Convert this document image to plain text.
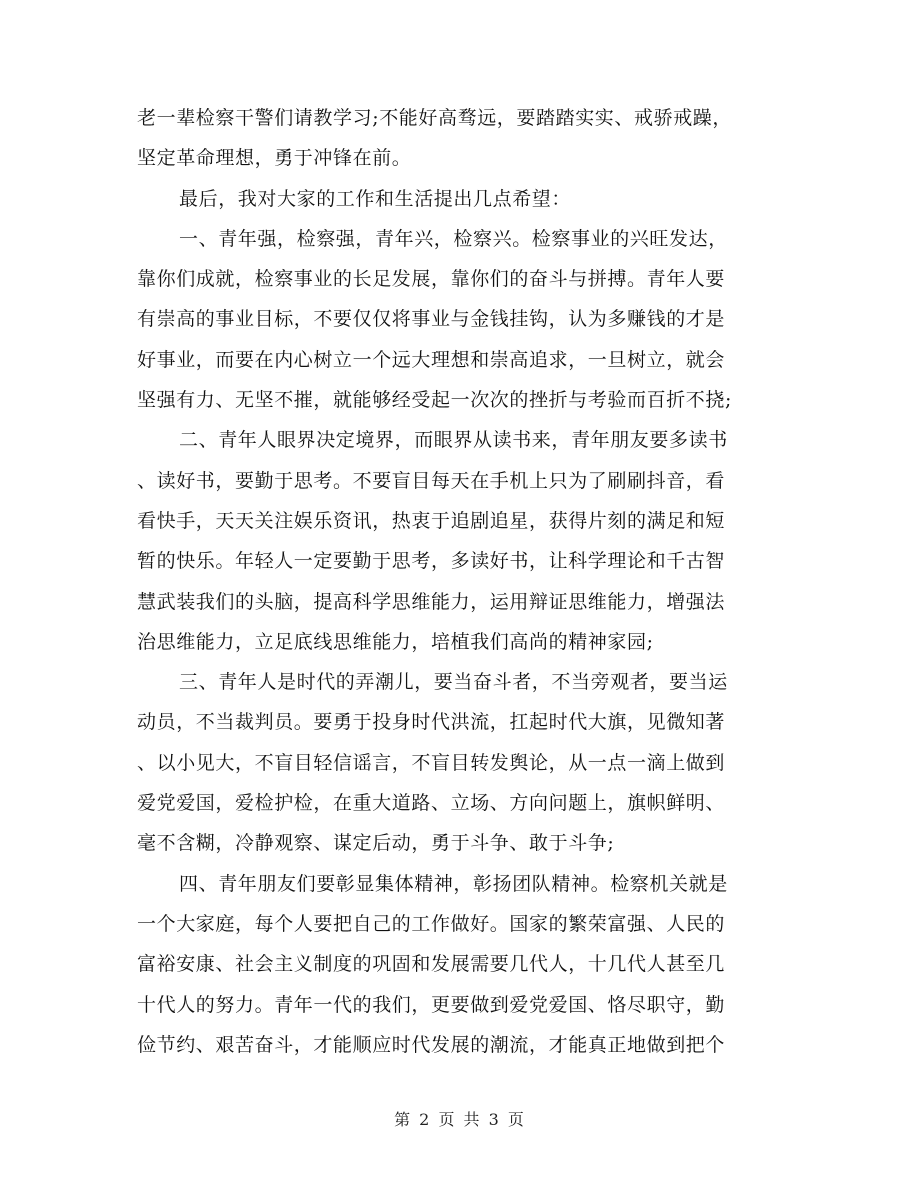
老一辈检察干警们请教学习;不能好高骛远，要踏踏实实、戒骄戒躁，
坚定革命理想，勇于冲锋在前。
最后，我对大家的工作和生活提出几点希望：
一、青年强，检察强，青年兴，检察兴。检察事业的兴旺发达，
靠你们成就，检察事业的长足发展，靠你们的奋斗与拼搏。青年人要
有崇高的事业目标，不要仅仅将事业与金钱挂钩，认为多赚钱的才是
好事业，而要在内心树立一个远大理想和崇高追求，一旦树立，就会
坚强有力、无坚不摧，就能够经受起一次次的挫折与考验而百折不挠;
二、青年人眼界决定境界，而眼界从读书来，青年朋友要多读书
、读好书，要勤于思考。不要盲目每天在手机上只为了刷刷抖音，看
看快手，天天关注娱乐资讯，热衷于追剧追星，获得片刻的满足和短
暂的快乐。年轻人一定要勤于思考，多读好书，让科学理论和千古智
慧武装我们的头脑，提高科学思维能力，运用辩证思维能力，增强法
治思维能力，立足底线思维能力，培植我们高尚的精神家园;
三、青年人是时代的弄潮儿，要当奋斗者，不当旁观者，要当运
动员，不当裁判员。要勇于投身时代洪流，扛起时代大旗，见微知著
、以小见大，不盲目轻信谣言，不盲目转发舆论，从一点一滴上做到
爱党爱国，爱检护检，在重大道路、立场、方向问题上，旗帜鲜明、
毫不含糊，冷静观察、谋定后动，勇于斗争、敢于斗争;
四、青年朋友们要彰显集体精神，彰扬团队精神。检察机关就是
一个大家庭，每个人要把自己的工作做好。国家的繁荣富强、人民的
富裕安康、社会主义制度的巩固和发展需要几代人，十几代人甚至几
十代人的努力。青年一代的我们，更要做到爱党爱国、恪尽职守，勤
俭节约、艰苦奋斗，才能顺应时代发展的潮流，才能真正地做到把个
第 2 页 共 3 页
